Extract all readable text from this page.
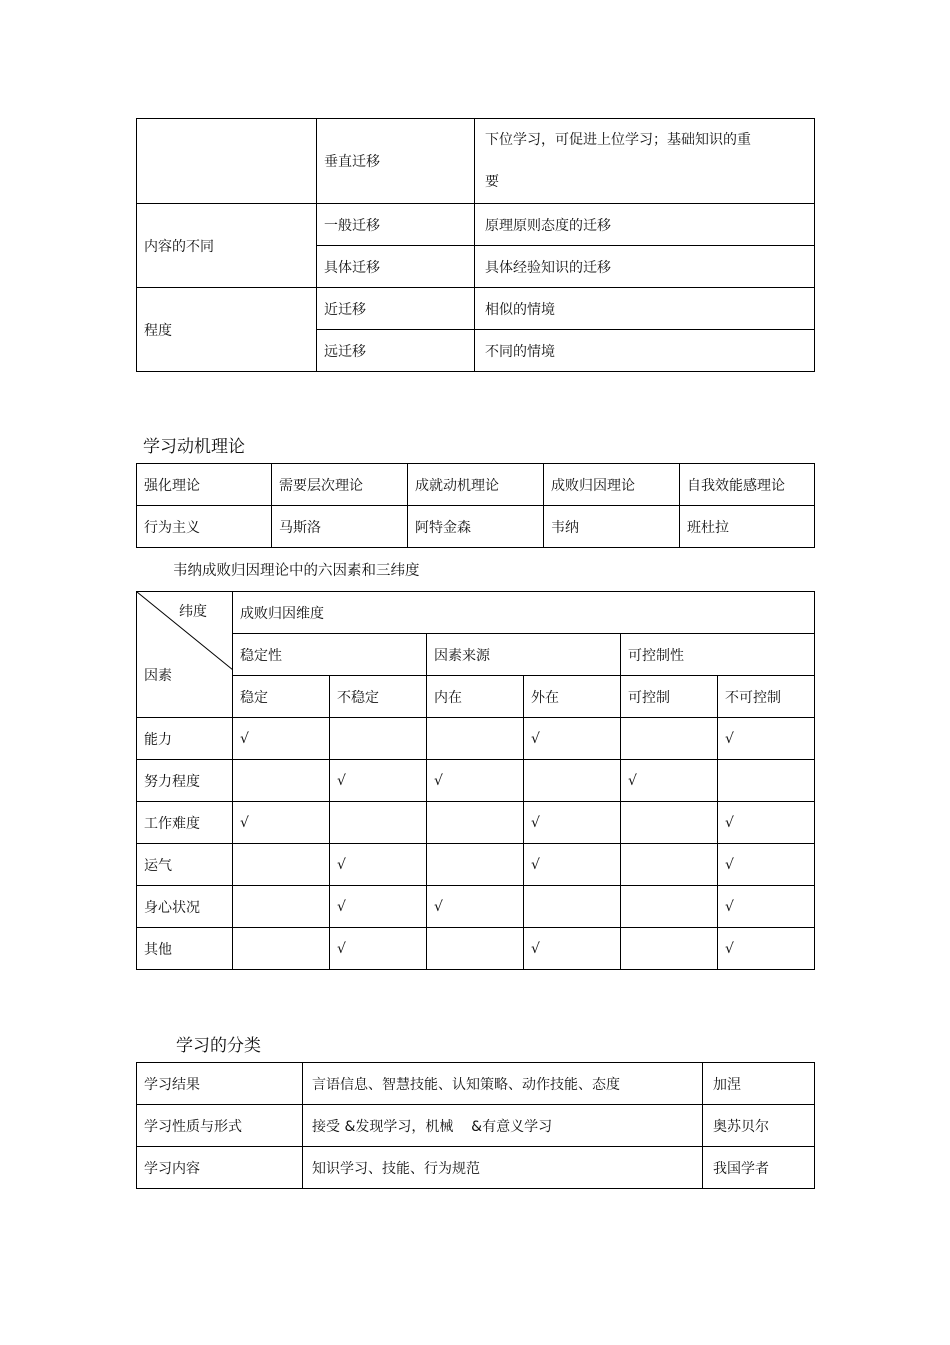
	垂直迁移	下位学习，可促进上位学习；基础知识的重
要

内容的不同	一般迁移	原理原则态度的迁移
	具体迁移	具体经验知识的迁移
程度	近迁移	相似的情境
	远迁移	不同的情境
学习动机理论
强化理论	需要层次理论	成就动机理论	成败归因理论	自我效能感理论
行为主义	马斯洛	阿特金森	韦纳	班杜拉
韦纳成败归因理论中的六因素和三纬度
纬度
因素	成败归因维度					
	稳定性		因素来源		可控制性	
	稳定	不稳定	内在	外在	可控制	不可控制
能力	√			√		√
努力程度		√	√		√	
工作难度	√			√		√
运气		√		√		√
身心状况		√	√			√
其他		√		√		√
学习的分类
学习结果	言语信息、智慧技能、认知策略、动作技能、态度	加涅
学习性质与形式	接受 &发现学习，机械    &有意义学习	奥苏贝尔
学习内容	知识学习、技能、行为规范	我国学者
